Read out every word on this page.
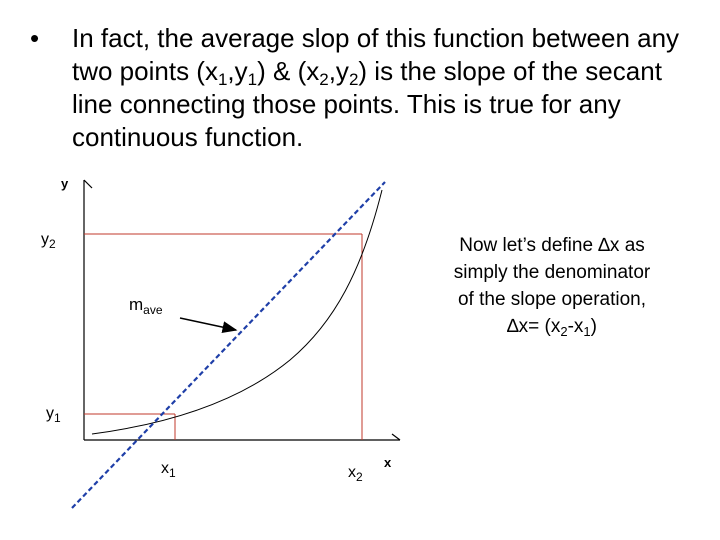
•	In fact, the average slop of this function between any two points $(x_1,y_1)$ & $(x_2,y_2)$ is the slope of the secant line connecting those points. This is true for any continuous function.
y
x
$y_2$
$y_1$
$x_1$	$x_2$
$m_{ave}$
Now let’s define ∆x as
simply the denominator
of the slope operation,
$\Delta x= (x_2-x_1)$
